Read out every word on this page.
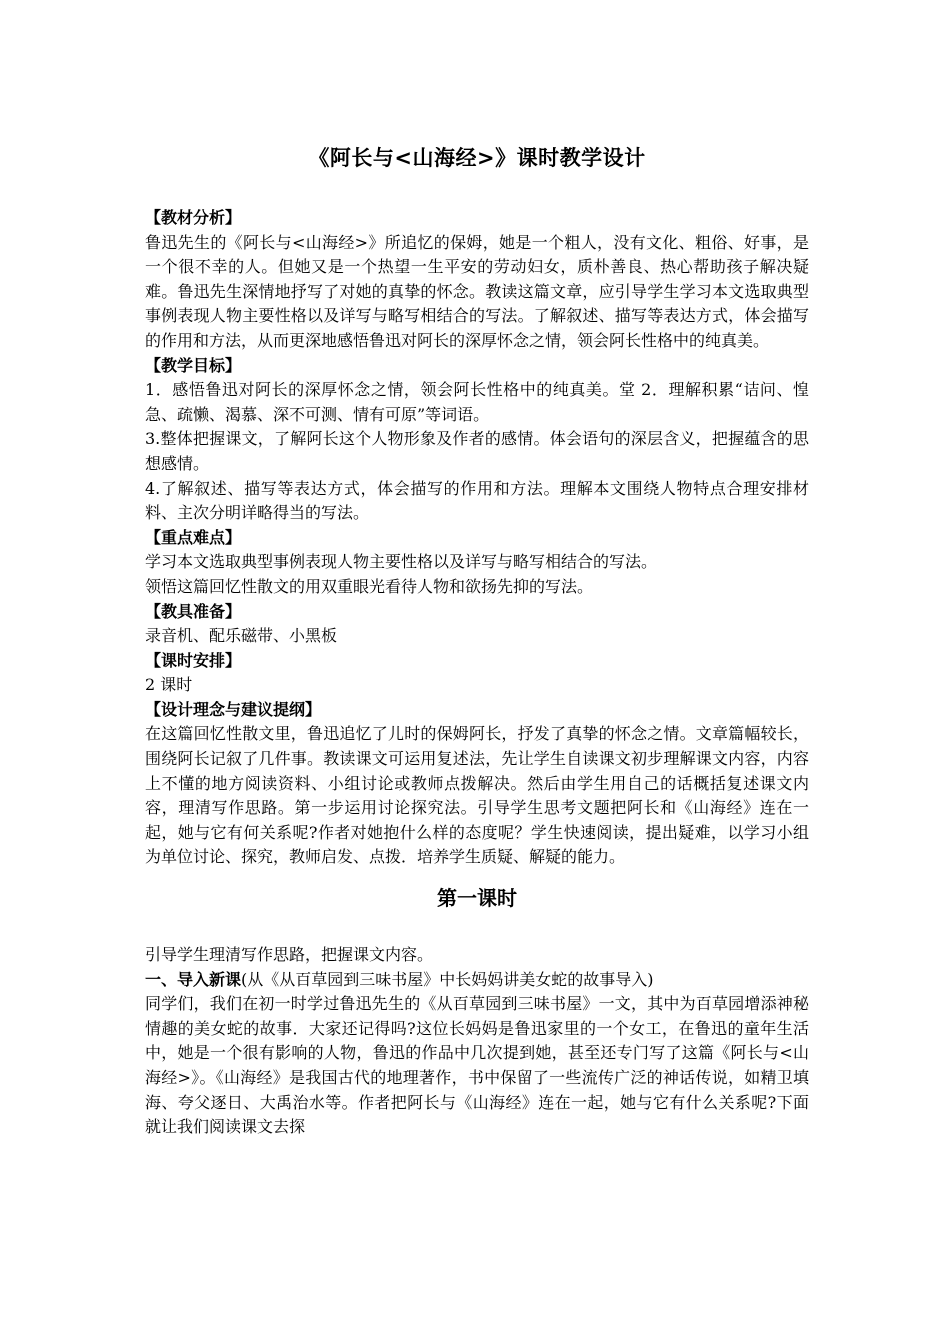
《阿长与<山海经>》课时教学设计
【教材分析】

鲁迅先生的《阿长与<山海经>》所追忆的保姆，她是一个粗人，没有文化、粗俗、好事，是一个很不幸的人。但她又是一个热望一生平安的劳动妇女，质朴善良、热心帮助孩子解决疑难。鲁迅先生深情地抒写了对她的真挚的怀念。教读这篇文章，应引导学生学习本文选取典型事例表现人物主要性格以及详写与略写相结合的写法。了解叙述、描写等表达方式，体会描写的作用和方法，从而更深地感悟鲁迅对阿长的深厚怀念之情，领会阿长性格中的纯真美。

【教学目标】

1．感悟鲁迅对阿长的深厚怀念之情，领会阿长性格中的纯真美。堂 2．理解积累“诘问、惶急、疏懒、渴慕、深不可测、情有可原”等词语。

3.整体把握课文，了解阿长这个人物形象及作者的感情。体会语句的深层含义，把握蕴含的思想感情。

4.了解叙述、描写等表达方式，体会描写的作用和方法。理解本文围绕人物特点合理安排材料、主次分明详略得当的写法。

【重点难点】

学习本文选取典型事例表现人物主要性格以及详写与略写相结合的写法。

领悟这篇回忆性散文的用双重眼光看待人物和欲扬先抑的写法。

【教具准备】

录音机、配乐磁带、小黑板

【课时安排】

2 课时

【设计理念与建议提纲】

在这篇回忆性散文里，鲁迅追忆了儿时的保姆阿长，抒发了真挚的怀念之情。文章篇幅较长，围绕阿长记叙了几件事。教读课文可运用复述法，先让学生自读课文初步理解课文内容，内容上不懂的地方阅读资料、小组讨论或教师点拨解决。然后由学生用自己的话概括复述课文内容，理清写作思路。第一步运用讨论探究法。引导学生思考文题把阿长和《山海经》连在一起，她与它有何关系呢?作者对她抱什么样的态度呢？学生快速阅读，提出疑难，以学习小组为单位讨论、探究，教师启发、点拨．培养学生质疑、解疑的能力。

第一课时

引导学生理清写作思路，把握课文内容。

一、导入新课(从《从百草园到三味书屋》中长妈妈讲美女蛇的故事导入)

同学们，我们在初一时学过鲁迅先生的《从百草园到三味书屋》一文，其中为百草园增添神秘情趣的美女蛇的故事．大家还记得吗?这位长妈妈是鲁迅家里的一个女工，在鲁迅的童年生活中，她是一个很有影响的人物，鲁迅的作品中几次提到她，甚至还专门写了这篇《阿长与<山海经>》。《山海经》是我国古代的地理著作，书中保留了一些流传广泛的神话传说，如精卫填海、夸父逐日、大禹治水等。作者把阿长与《山海经》连在一起，她与它有什么关系呢?下面就让我们阅读课文去探
